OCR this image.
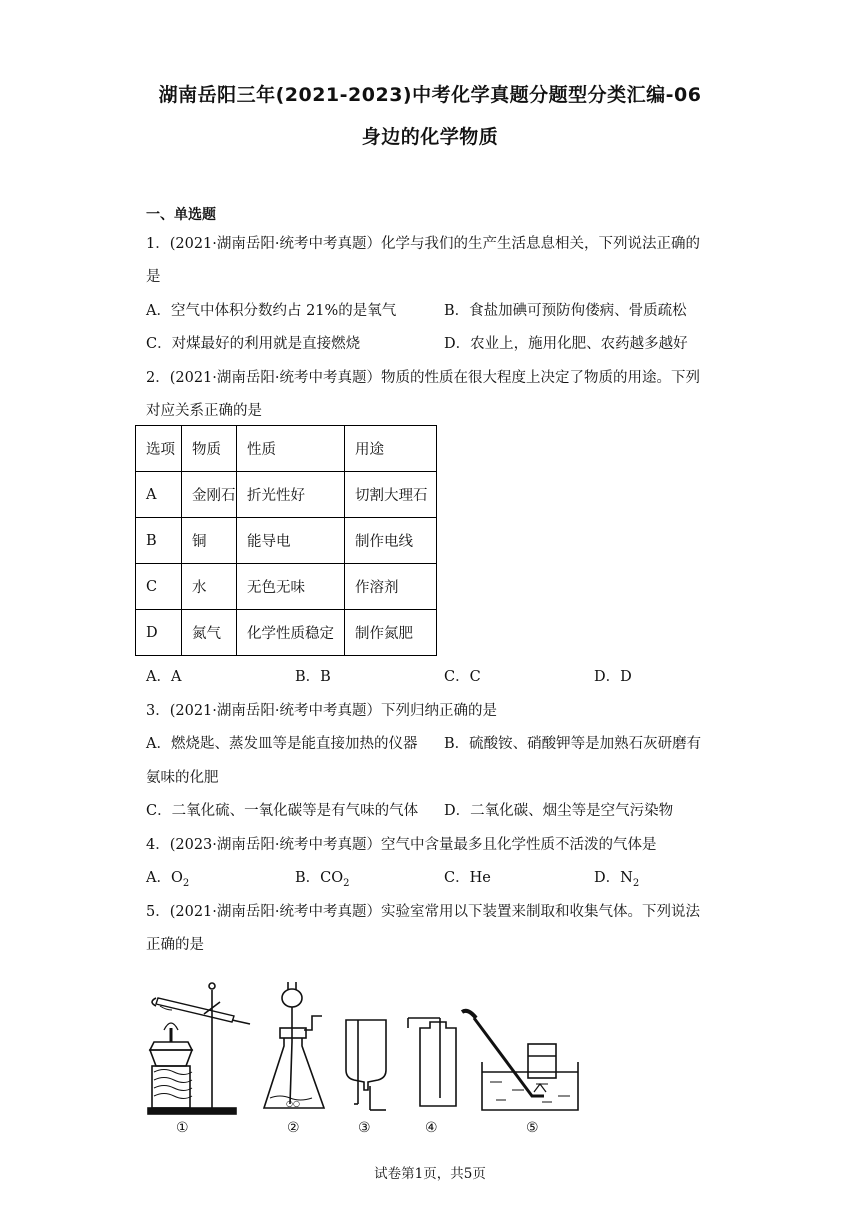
湖南岳阳三年(2021-2023)中考化学真题分题型分类汇编-06
身边的化学物质
一、单选题
1．(2021·湖南岳阳·统考中考真题）化学与我们的生产生活息息相关，下列说法正确的
是
A．空气中体积分数约占 21%的是氧气	B．食盐加碘可预防佝偻病、骨质疏松
C．对煤最好的利用就是直接燃烧	D．农业上，施用化肥、农药越多越好
2．(2021·湖南岳阳·统考中考真题）物质的性质在很大程度上决定了物质的用途。下列
对应关系正确的是
选项	物质	性质	用途
A	金刚石	折光性好	切割大理石
B	铜	能导电	制作电线
C	水	无色无味	作溶剂
D	氮气	化学性质稳定	制作氮肥
A．A	B．B	C．C	D．D
3．(2021·湖南岳阳·统考中考真题）下列归纳正确的是
A．燃烧匙、蒸发皿等是能直接加热的仪器 B．硫酸铵、硝酸钾等是加熟石灰研磨有
氨味的化肥
C．二氧化硫、一氧化碳等是有气味的气体 D．二氧化碳、烟尘等是空气污染物
4．(2023·湖南岳阳·统考中考真题）空气中含量最多且化学性质不活泼的气体是
A．$O_2$	B．$CO_2$	C．He	D．$N_2$
5．(2021·湖南岳阳·统考中考真题）实验室常用以下装置来制取和收集气体。下列说法
正确的是
①
○○
②	③	④	⑤
试卷第1页，共5页
